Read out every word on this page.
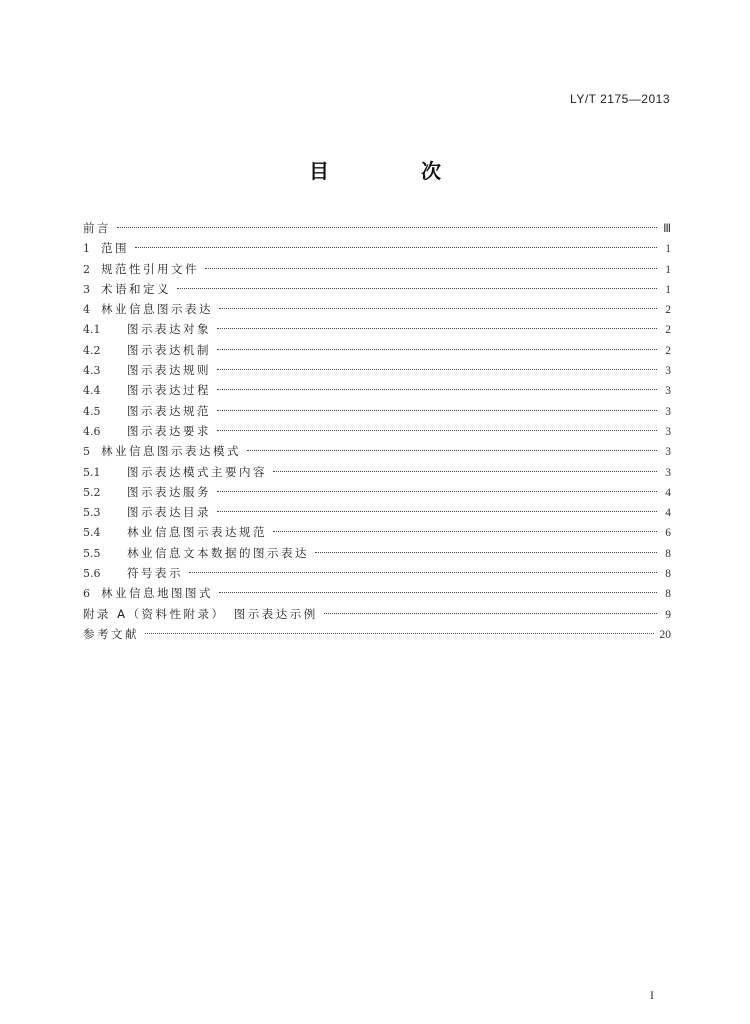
LY/T 2175—2013
目　次
前言	Ⅲ
1 范围	1
2 规范性引用文件	1
3 术语和定义	1
4 林业信息图示表达	2
4.1	图示表达对象	2
4.2	图示表达机制	2
4.3	图示表达规则	3
4.4	图示表达过程	3
4.5	图示表达规范	3
4.6	图示表达要求	3
5 林业信息图示表达模式	3
5.1	图示表达模式主要内容	3
5.2	图示表达服务	4
5.3	图示表达目录	4
5.4	林业信息图示表达规范	6
5.5	林业信息文本数据的图示表达	8
5.6	符号表示	8
6 林业信息地图图式	8
附录 A（资料性附录）　图示表达示例	9
参考文献	20
I
